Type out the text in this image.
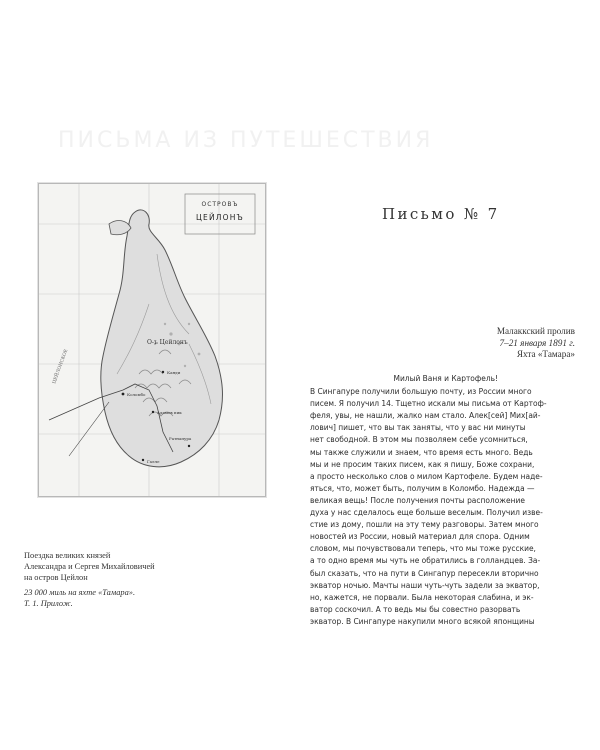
ПИСЬМА ИЗ ПУТЕШЕСТВИЯ
ОСТРОВЪ
ЦЕЙЛОНЪ
О-ъ Цейлонъ
ЦЕЙЛОНСКОЕ
Коломбо
Адамов пик
Канди
Галле
Ратнапура
Поездка великих князей
Александра и Сергея Михайловичей
на остров Цейлон
23 000 миль на яхте «Тамара».
Т. 1. Прилож.
Письмо № 7
Малаккский пролив
7–21 января 1891 г.
Яхта «Тамара»
Милый Ваня и Картофель!
В Сингапуре получили большую почту, из России много
писем. Я получил 14. Тщетно искали мы письма от Картоф-
феля, увы, не нашли, жалко нам стало. Алек[сей] Мих[ай-
лович] пишет, что вы так заняты, что у вас ни минуты
нет свободной. В этом мы позволяем себе усомниться,
мы также служили и знаем, что время есть много. Ведь
мы и не просим таких писем, как я пишу, Боже сохрани,
а просто несколько слов о милом Картофеле. Будем наде-
яться, что, может быть, получим в Коломбо. Надежда —
великая вещь! После получения почты расположение
духа у нас сделалось еще больше веселым. Получил изве-
стие из дому, пошли на эту тему разговоры. Затем много
новостей из России, новый материал для спора. Одним
словом, мы почувствовали теперь, что мы тоже русские,
а то одно время мы чуть не обратились в голландцев. За-
был сказать, что на пути в Сингапур пересекли вторично
экватор ночью. Мачты наши чуть-чуть задели за экватор,
но, кажется, не порвали. Была некоторая слабина, и эк-
ватор соскочил. А то ведь мы бы совестно разорвать
экватор. В Сингапуре накупили много всякой японщины
